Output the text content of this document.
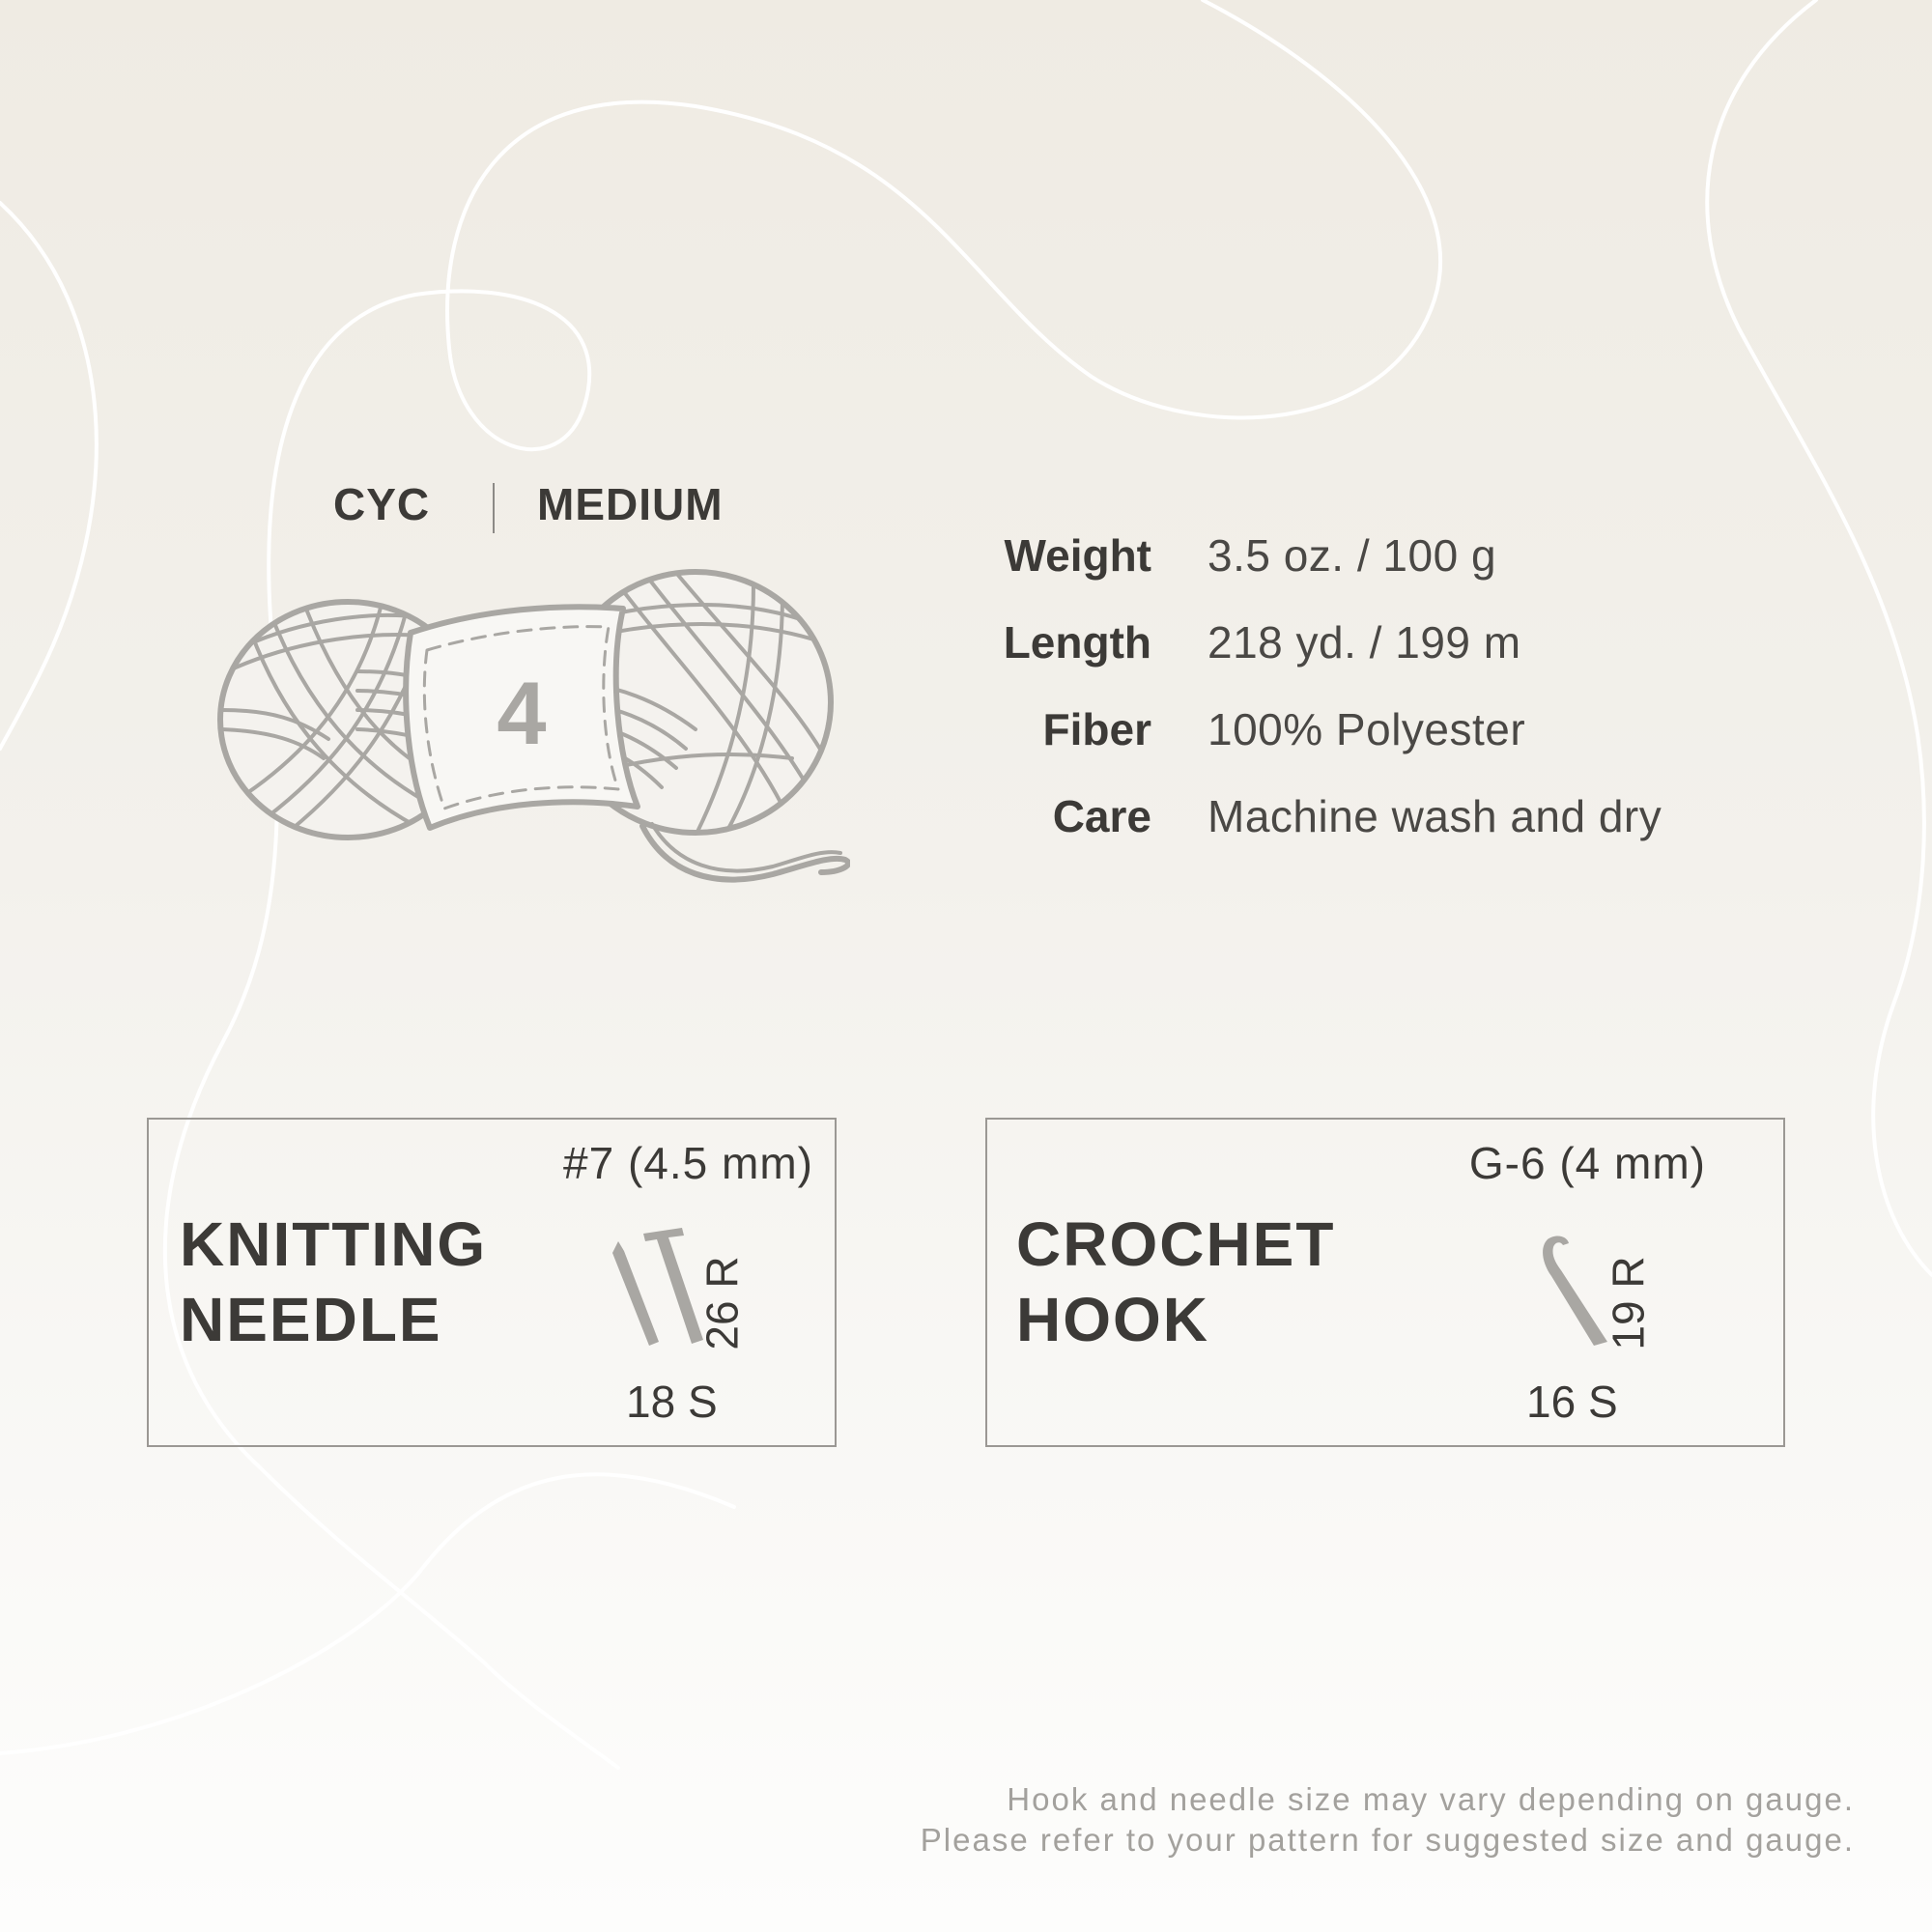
CYC MEDIUM
4
Weight 3.5 oz. / 100 g
Length 218 yd. / 199 m
Fiber 100% Polyester
Care Machine wash and dry
#7 (4.5 mm)
KNITTING
NEEDLE	26 R
18 S
G-6 (4 mm)
CROCHET
HOOK	19 R
16 S
Hook and needle size may vary depending on gauge.
Please refer to your pattern for suggested size and gauge.
